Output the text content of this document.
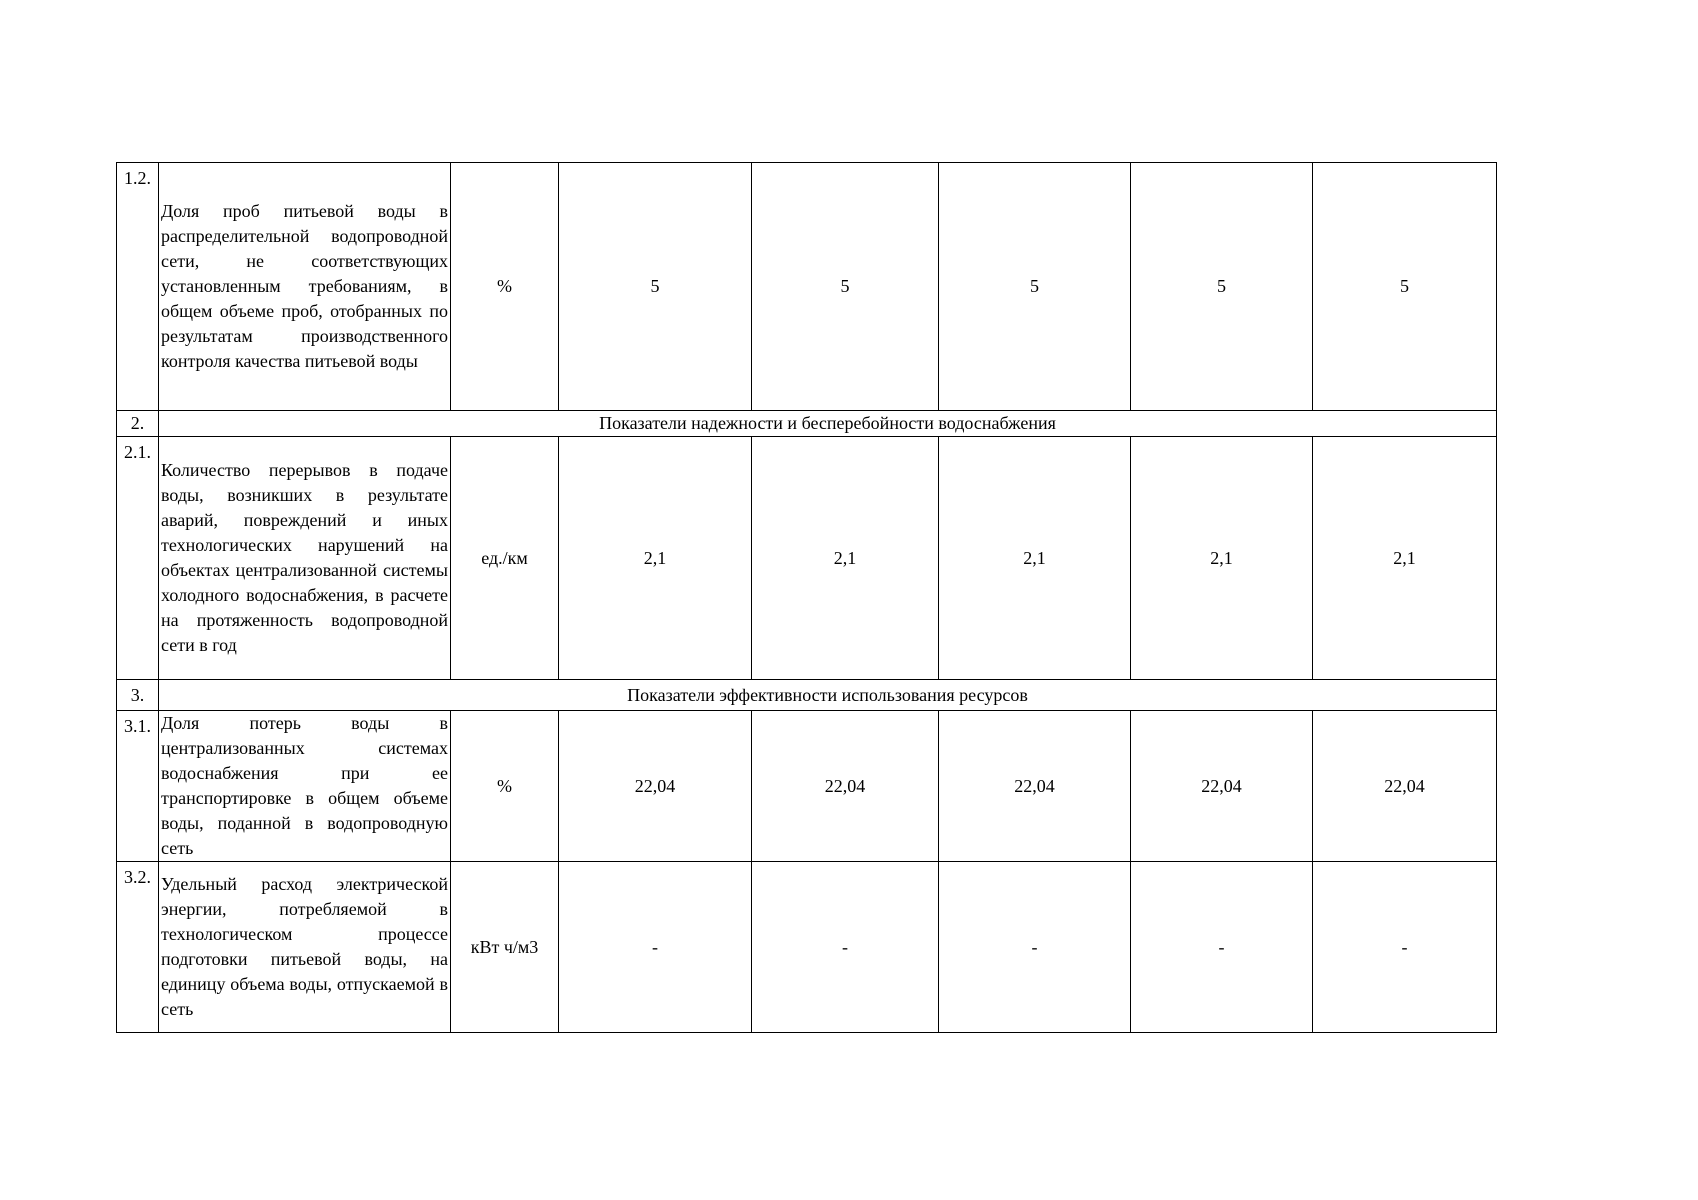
1.2.	Доля проб питьевой воды в распределительной водопроводной сети, не соответствующих установленным требованиям, в общем объеме проб, отобранных по результатам производственного контроля качества питьевой воды	%	5	5	5	5	5
2.	Показатели надежности и бесперебойности водоснабжения						
2.1.	Количество перерывов в подаче воды, возникших в результате аварий, повреждений и иных технологических нарушений на объектах централизованной системы холодного водоснабжения, в расчете на протяженность водопроводной сети в год	ед./км	2,1	2,1	2,1	2,1	2,1
3.	Показатели эффективности использования ресурсов						
3.1.	Доля потерь воды в централизованных системах водоснабжения при ее транспортировке в общем объеме воды, поданной в водопроводную сеть	%	22,04	22,04	22,04	22,04	22,04
3.2.	Удельный расход электрической энергии, потребляемой в технологическом процессе подготовки питьевой воды, на единицу объема воды, отпускаемой в сеть	кВт ч/м3	-	-	-	-	-
